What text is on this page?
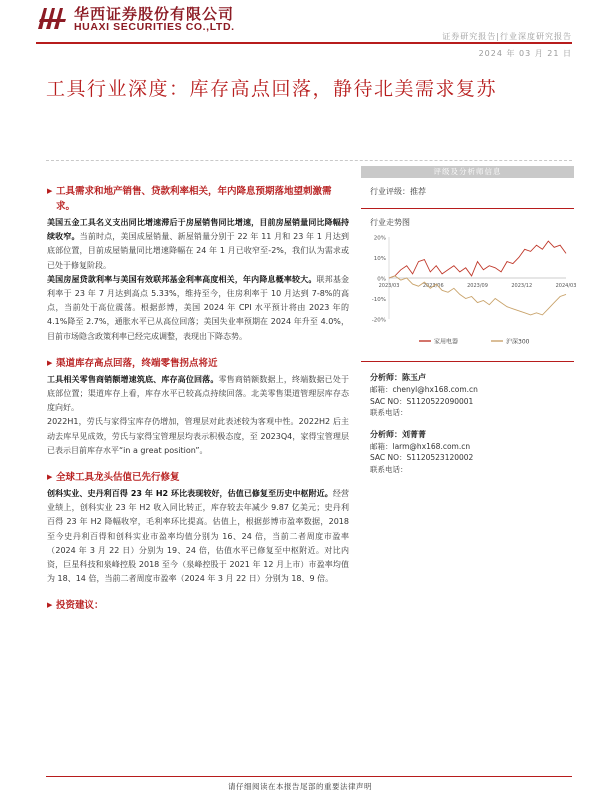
华西证券股份有限公司
HUAXI SECURITIES CO.,LTD.
证券研究报告|行业深度研究报告
2024 年 03 月 21 日
工具行业深度：库存高点回落，静待北美需求复苏
▶ 工具需求和地产销售、贷款利率相关，年内降息预期落地望刺激需求。
美国五金工具名义支出同比增速滞后于房屋销售同比增速，目前房屋销量同比降幅持续收窄。当前时点，美国成屋销量、新屋销量分别于 22 年 11 月和 23 年 1 月达到底部位置，目前成屋销量同比增速降幅在 24 年 1 月已收窄至-2%，我们认为需求或已处于修复阶段。
美国房屋贷款利率与美国有效联邦基金利率高度相关，年内降息概率较大。联邦基金利率于 23 年 7 月达到高点 5.33%，维持至今，住房利率于 10 月达到 7-8%的高点，当前处于高位震荡。根据彭博，美国 2024 年 CPI 水平预计将由 2023 年的 4.1%降至 2.7%，通胀水平已从高位回落；美国失业率预期在 2024 年升至 4.0%，目前市场隐含政策利率已经完成调整，表现出下降态势。
▶ 渠道库存高点回落，终端零售拐点将近
工具相关零售商销额增速筑底、库存高位回落。零售商销额数据上，终端数据已处于底部位置；渠道库存上看，库存水平已较高点持续回落。北美零售渠道管理层库存态度向好。
2022H1，劳氏与家得宝库存仍增加，管理层对此表述较为客观中性。2022H2 后主动去库早见成效，劳氏与家得宝管理层均表示积极态度，至 2023Q4，家得宝管理层已表示目前库存水平“in a great position”。
▶ 全球工具龙头估值已先行修复
创科实业、史丹利百得 23 年 H2 环比表现较好，估值已修复至历史中枢附近。经营业绩上，创科实业 23 年 H2 收入同比转正，库存较去年减少 9.87 亿美元；史丹利百得 23 年 H2 降幅收窄，毛利率环比提高。估值上，根据彭博市盈率数据，2018 至今史丹利百得和创科实业市盈率均值分别为 16、24 倍，当前二者周度市盈率（2024 年 3 月 22 日）分别为 19、24 倍，估值水平已修复至中枢附近。对比内资，巨星科技和泉峰控股 2018 至今（泉峰控股于 2021 年 12 月上市）市盈率均值为 18、14 倍，当前二者周度市盈率（2024 年 3 月 22 日）分别为 18、9 倍。
▶ 投资建议：
评级及分析师信息
行业评级：推荐
行业走势图
20%
10%
0%
-10%
-20%
2023/03	2023/06	2023/09	2023/12	2024/03
家用电器	沪深300
分析师：陈玉卢
邮箱：chenyl@hx168.com.cn
SAC NO：S1120522090001
联系电话：
分析师：刘菁菁
邮箱：larm@hx168.com.cn
SAC NO：S1120523120002
联系电话：
请仔细阅读在本报告尾部的重要法律声明
